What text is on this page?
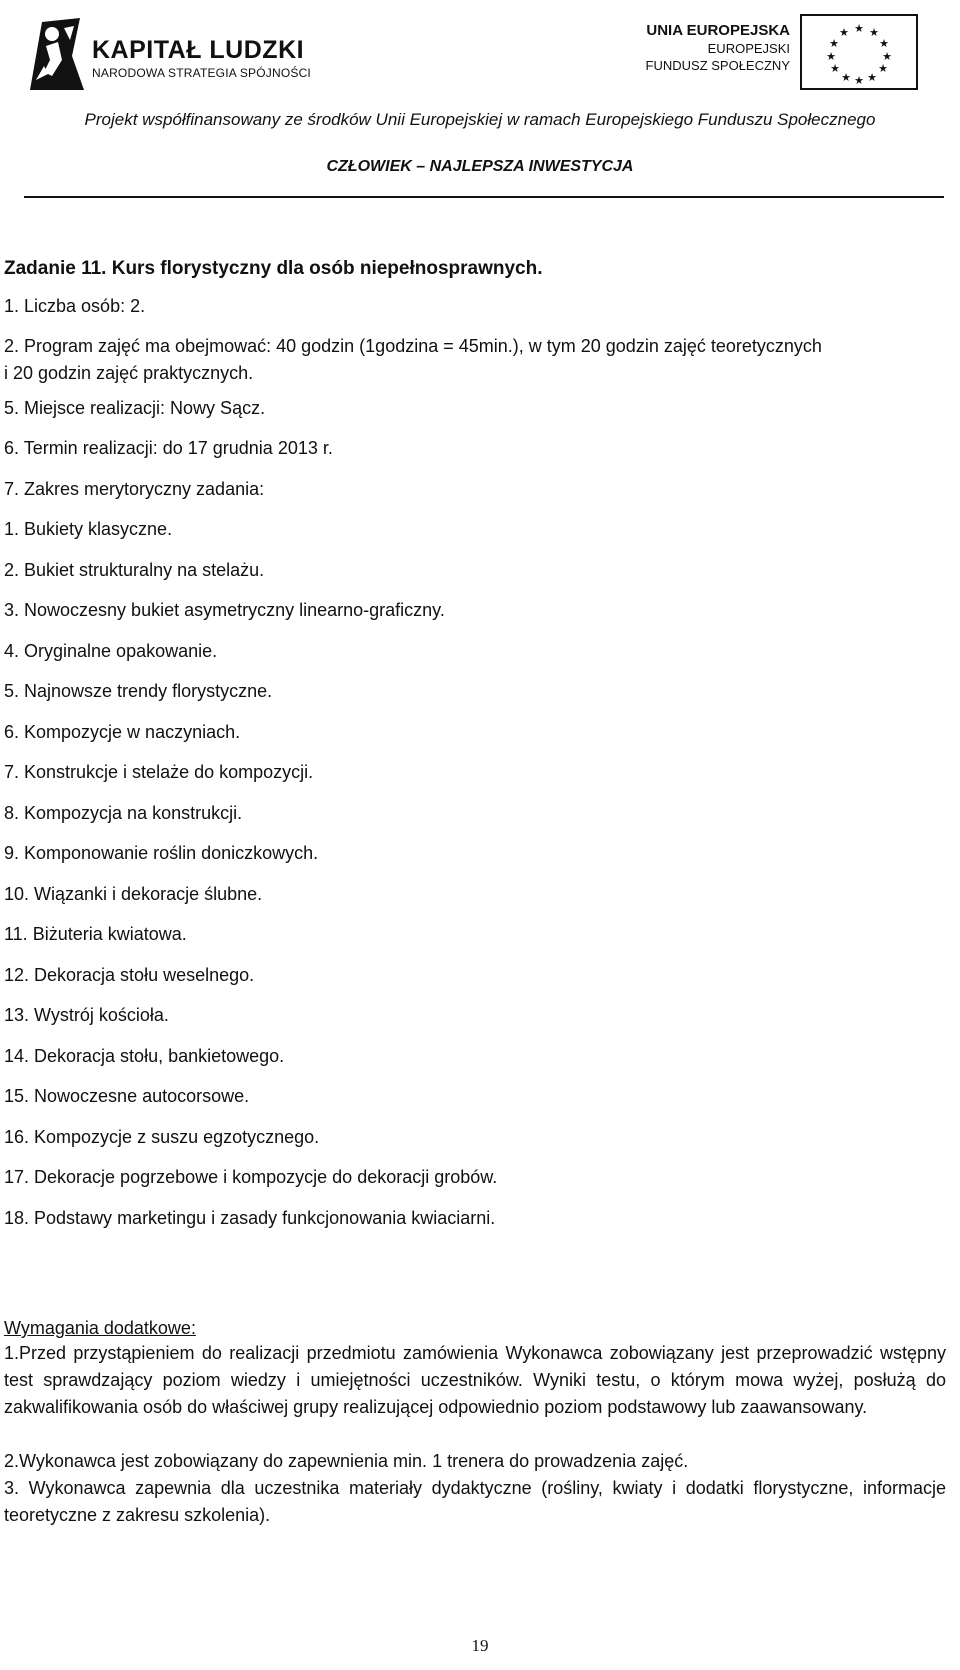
KAPITAŁ LUDZKI
NARODOWA STRATEGIA SPÓJNOŚCI
UNIA EUROPEJSKA
EUROPEJSKI
FUNDUSZ SPOŁECZNY
★ ★
★
★
★
★
★
★
★
★
★
★
Projekt współfinansowany ze środków Unii Europejskiej w ramach Europejskiego Funduszu Społecznego
CZŁOWIEK – NAJLEPSZA INWESTYCJA
Zadanie 11. Kurs florystyczny dla osób niepełnosprawnych.
1. Liczba osób: 2.
2. Program zajęć ma obejmować: 40 godzin (1godzina = 45min.), w tym 20 godzin zajęć teoretycznych
i 20 godzin zajęć praktycznych.
5. Miejsce realizacji: Nowy Sącz.
6. Termin realizacji: do 17 grudnia 2013 r.
7. Zakres merytoryczny zadania:
1. Bukiety klasyczne.
2. Bukiet strukturalny na stelażu.
3. Nowoczesny bukiet asymetryczny linearno-graficzny.
4. Oryginalne opakowanie.
5. Najnowsze trendy florystyczne.
6. Kompozycje w naczyniach.
7. Konstrukcje i stelaże do kompozycji.
8. Kompozycja na konstrukcji.
9. Komponowanie roślin doniczkowych.
10. Wiązanki i dekoracje ślubne.
11. Biżuteria kwiatowa.
12. Dekoracja stołu weselnego.
13. Wystrój kościoła.
14. Dekoracja stołu, bankietowego.
15. Nowoczesne autocorsowe.
16. Kompozycje z suszu egzotycznego.
17. Dekoracje pogrzebowe i kompozycje do dekoracji grobów.
18. Podstawy marketingu i zasady funkcjonowania kwiaciarni.
Wymagania dodatkowe:
1.Przed przystąpieniem do realizacji przedmiotu zamówienia Wykonawca zobowiązany jest przeprowadzić wstępny test sprawdzający poziom wiedzy i umiejętności uczestników. Wyniki testu, o którym mowa wyżej, posłużą do zakwalifikowania osób do właściwej grupy realizującej odpowiednio poziom podstawowy lub zaawansowany.
2.Wykonawca jest zobowiązany do zapewnienia min. 1 trenera do prowadzenia zajęć.
3. Wykonawca zapewnia dla uczestnika materiały dydaktyczne (rośliny, kwiaty i dodatki florystyczne, informacje teoretyczne z zakresu szkolenia).
19
